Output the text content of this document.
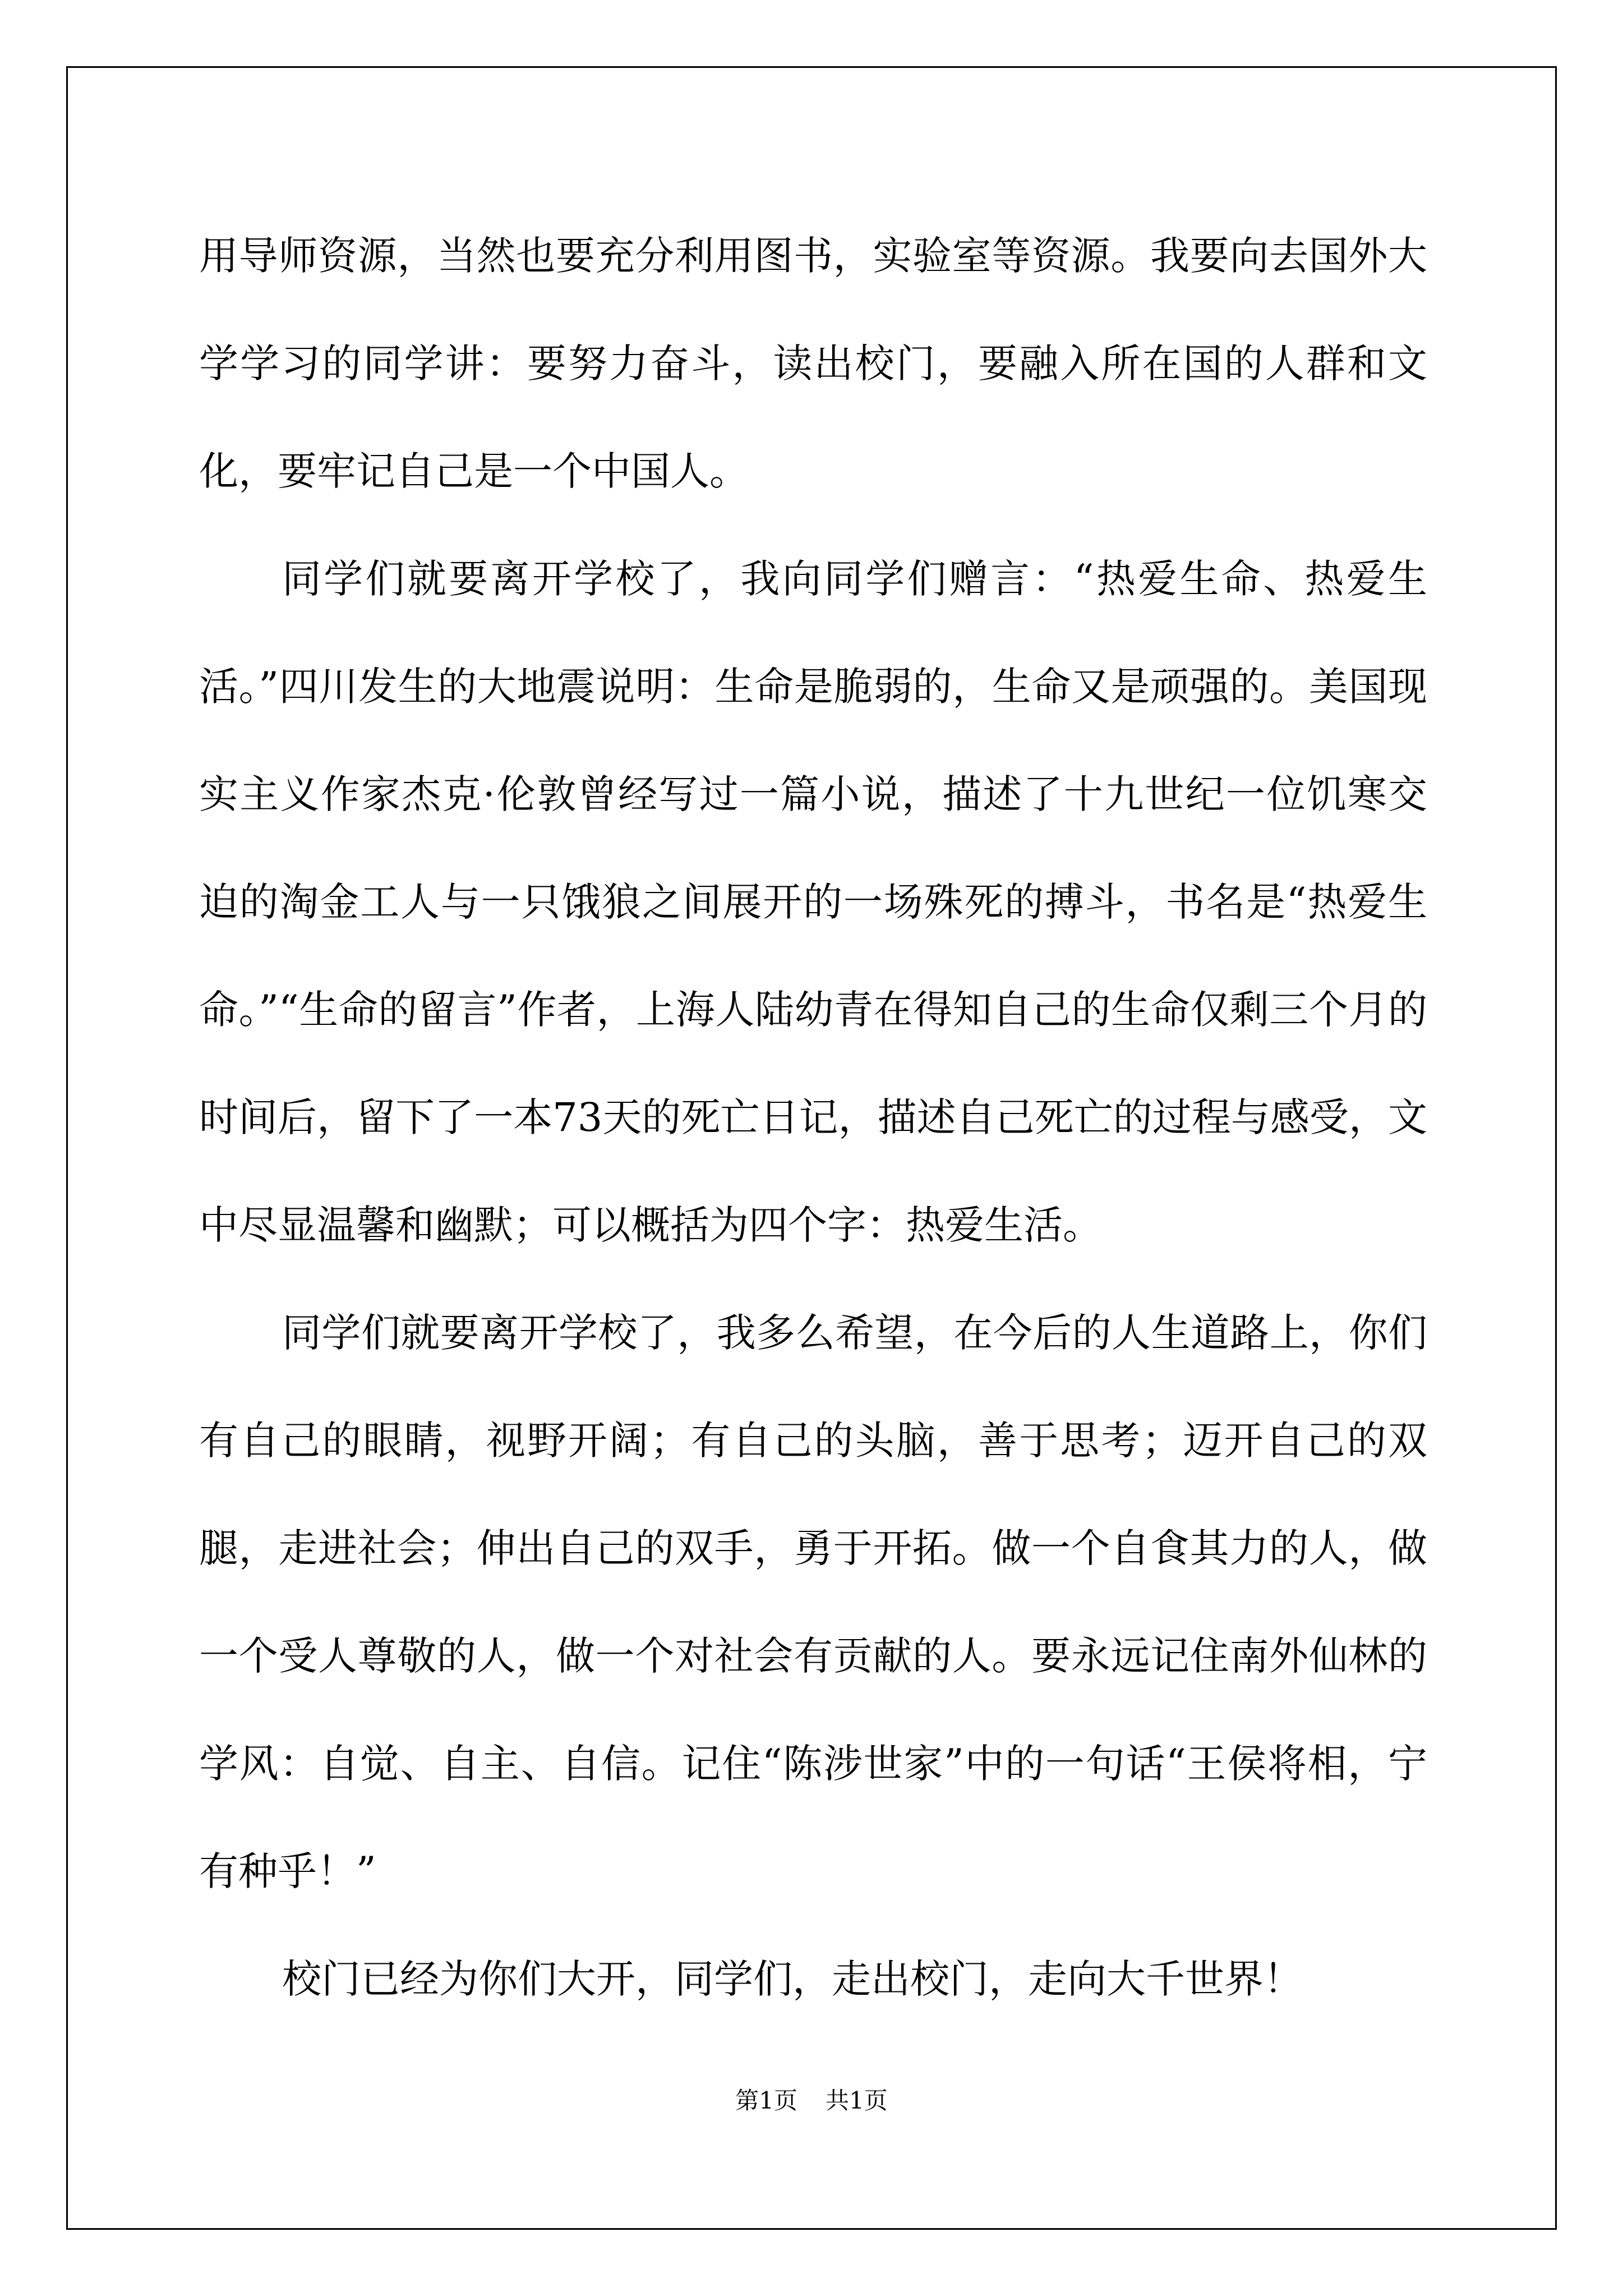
用导师资源，当然也要充分利用图书，实验室等资源。我要向去国外大学学习的同学讲：要努力奋斗，读出校门，要融入所在国的人群和文化，要牢记自己是一个中国人。

同学们就要离开学校了，我向同学们赠言：“热爱生命、热爱生活。”四川发生的大地震说明：生命是脆弱的，生命又是顽强的。美国现实主义作家杰克·伦敦曾经写过一篇小说，描述了十九世纪一位饥寒交迫的淘金工人与一只饿狼之间展开的一场殊死的搏斗，书名是“热爱生命。”“生命的留言”作者，上海人陆幼青在得知自己的生命仅剩三个月的时间后，留下了一本73天的死亡日记，描述自己死亡的过程与感受，文中尽显温馨和幽默；可以概括为四个字：热爱生活。

同学们就要离开学校了，我多么希望，在今后的人生道路上，你们有自己的眼睛，视野开阔；有自己的头脑，善于思考；迈开自己的双腿，走进社会；伸出自己的双手，勇于开拓。做一个自食其力的人，做一个受人尊敬的人，做一个对社会有贡献的人。要永远记住南外仙林的学风：自觉、自主、自信。记住“陈涉世家”中的一句话“王侯将相，宁有种乎！”

校门已经为你们大开，同学们，走出校门，走向大千世界！

第1页 共1页
